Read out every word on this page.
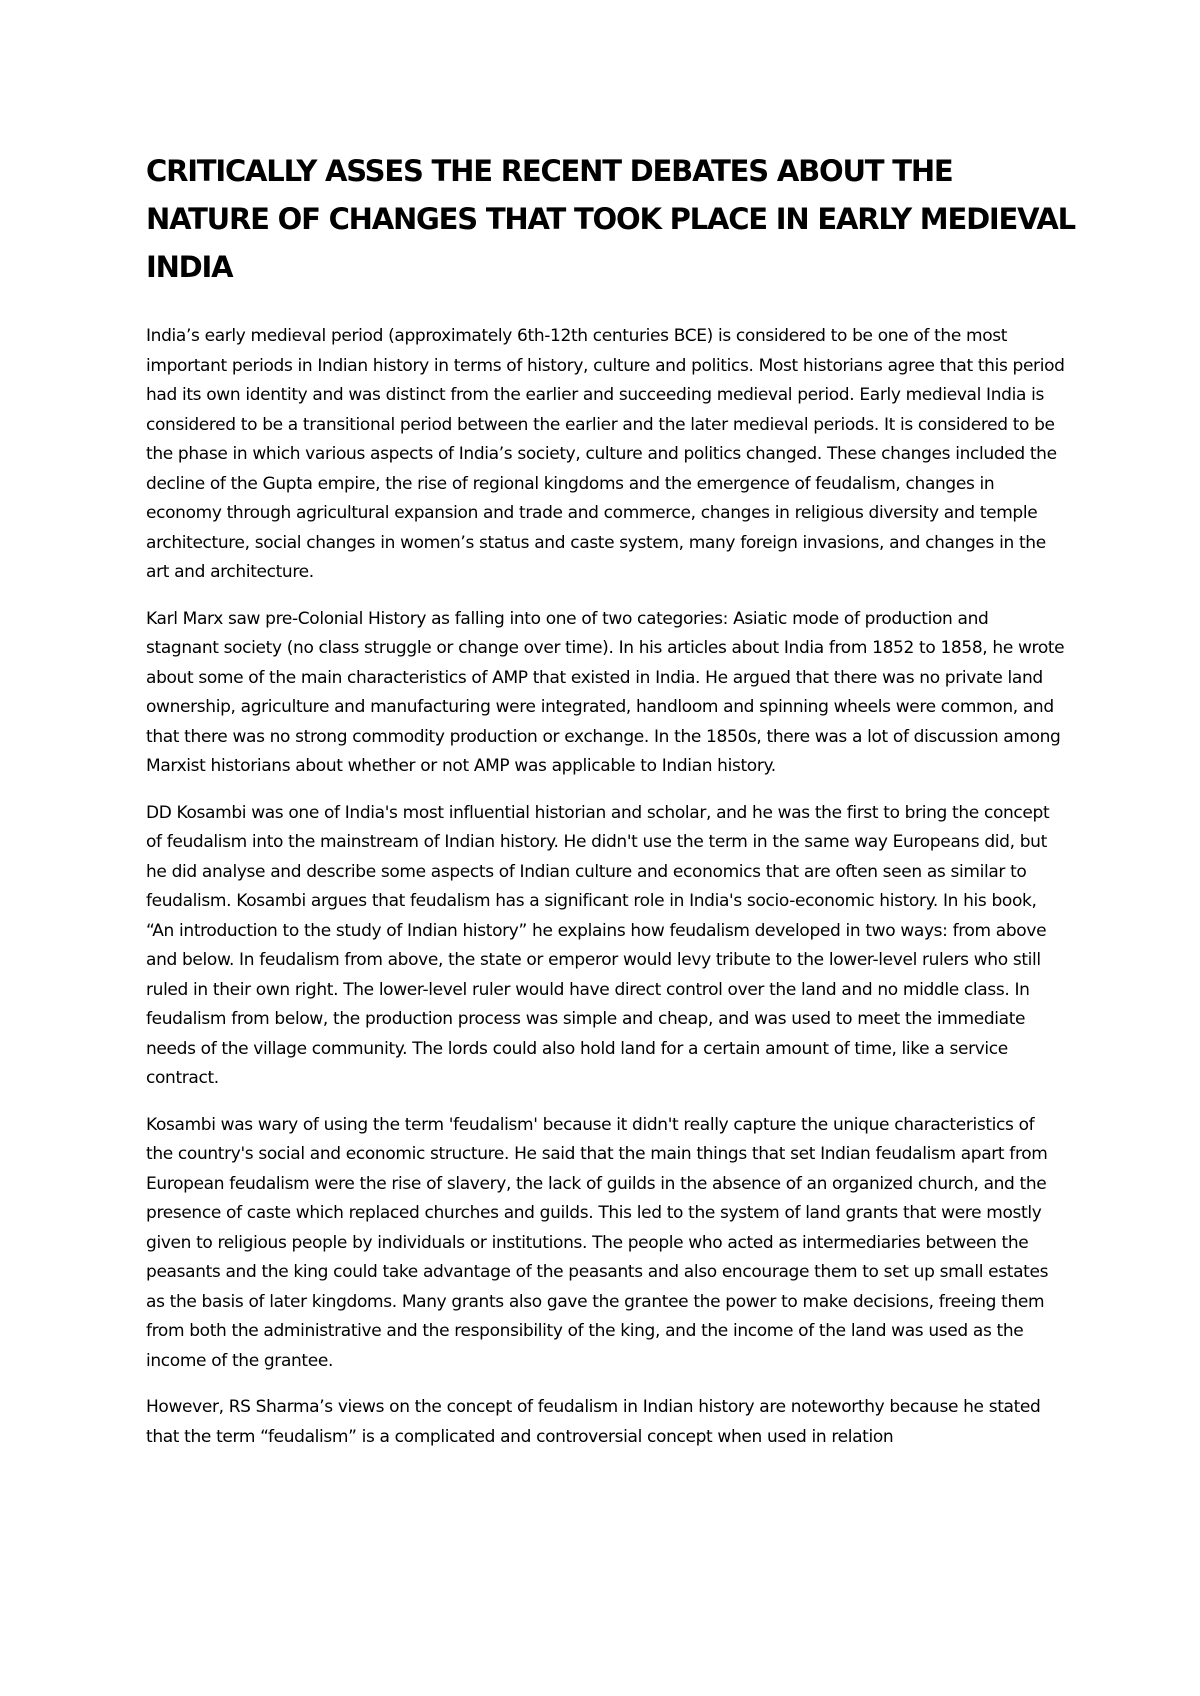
CRITICALLY ASSES THE RECENT DEBATES ABOUT THE NATURE OF CHANGES THAT TOOK PLACE IN EARLY MEDIEVAL INDIA

India’s early medieval period (approximately 6th-12th centuries BCE) is considered to be one of the most important periods in Indian history in terms of history, culture and politics. Most historians agree that this period had its own identity and was distinct from the earlier and succeeding medieval period. Early medieval India is considered to be a transitional period between the earlier and the later medieval periods. It is considered to be the phase in which various aspects of India’s society, culture and politics changed. These changes included the decline of the Gupta empire, the rise of regional kingdoms and the emergence of feudalism, changes in economy through agricultural expansion and trade and commerce, changes in religious diversity and temple architecture, social changes in women’s status and caste system, many foreign invasions, and changes in the art and architecture.

Karl Marx saw pre-Colonial History as falling into one of two categories: Asiatic mode of production and stagnant society (no class struggle or change over time). In his articles about India from 1852 to 1858, he wrote about some of the main characteristics of AMP that existed in India. He argued that there was no private land ownership, agriculture and manufacturing were integrated, handloom and spinning wheels were common, and that there was no strong commodity production or exchange. In the 1850s, there was a lot of discussion among Marxist historians about whether or not AMP was applicable to Indian history.

DD Kosambi was one of India's most influential historian and scholar, and he was the first to bring the concept of feudalism into the mainstream of Indian history. He didn't use the term in the same way Europeans did, but he did analyse and describe some aspects of Indian culture and economics that are often seen as similar to feudalism. Kosambi argues that feudalism has a significant role in India's socio-economic history. In his book, “An introduction to the study of Indian history” he explains how feudalism developed in two ways: from above and below. In feudalism from above, the state or emperor would levy tribute to the lower-level rulers who still ruled in their own right. The lower-level ruler would have direct control over the land and no middle class. In feudalism from below, the production process was simple and cheap, and was used to meet the immediate needs of the village community. The lords could also hold land for a certain amount of time, like a service contract.

Kosambi was wary of using the term 'feudalism' because it didn't really capture the unique characteristics of the country's social and economic structure. He said that the main things that set Indian feudalism apart from European feudalism were the rise of slavery, the lack of guilds in the absence of an organized church, and the presence of caste which replaced churches and guilds. This led to the system of land grants that were mostly given to religious people by individuals or institutions. The people who acted as intermediaries between the peasants and the king could take advantage of the peasants and also encourage them to set up small estates as the basis of later kingdoms. Many grants also gave the grantee the power to make decisions, freeing them from both the administrative and the responsibility of the king, and the income of the land was used as the income of the grantee.

However, RS Sharma’s views on the concept of feudalism in Indian history are noteworthy because he stated that the term “feudalism” is a complicated and controversial concept when used in relation
